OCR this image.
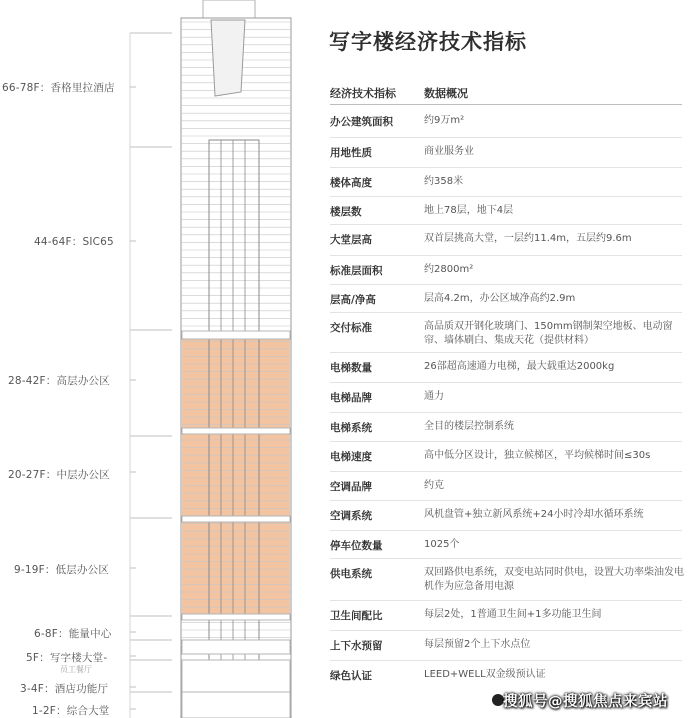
66-78F：香格里拉酒店
44-64F：SIC65
28-42F：高层办公区
20-27F：中层办公区
9-19F：低层办公区
6-8F：能量中心
5F：写字楼大堂-
员工餐厅
3-4F：酒店功能厅
1-2F：综合大堂
写字楼经济技术指标
经济技术指标	数据概况
办公建筑面积	约9万m²
用地性质	商业服务业
楼体高度	约358米
楼层数	地上78层，地下4层
大堂层高	双首层挑高大堂，一层约11.4m，五层约9.6m
标准层面积	约2800m²
层高/净高	层高4.2m，办公区域净高约2.9m
交付标准	高品质双开钢化玻璃门、150mm钢制架空地板、电动窗帘、墙体刷白、集成天花（提供材料）
电梯数量	26部超高速通力电梯，最大载重达2000kg
电梯品牌	通力
电梯系统	全目的楼层控制系统
电梯速度	高中低分区设计，独立候梯区，平均候梯时间≤30s
空调品牌	约克
空调系统	风机盘管+独立新风系统+24小时冷却水循环系统
停车位数量	1025个
供电系统	双回路供电系统，双变电站同时供电，设置大功率柴油发电机作为应急备用电源
卫生间配比	每层2处，1普通卫生间+1多功能卫生间
上下水预留	每层预留2个上下水点位
绿色认证	LEED+WELL双金级预认证
搜狐号@搜狐焦点来宾站
